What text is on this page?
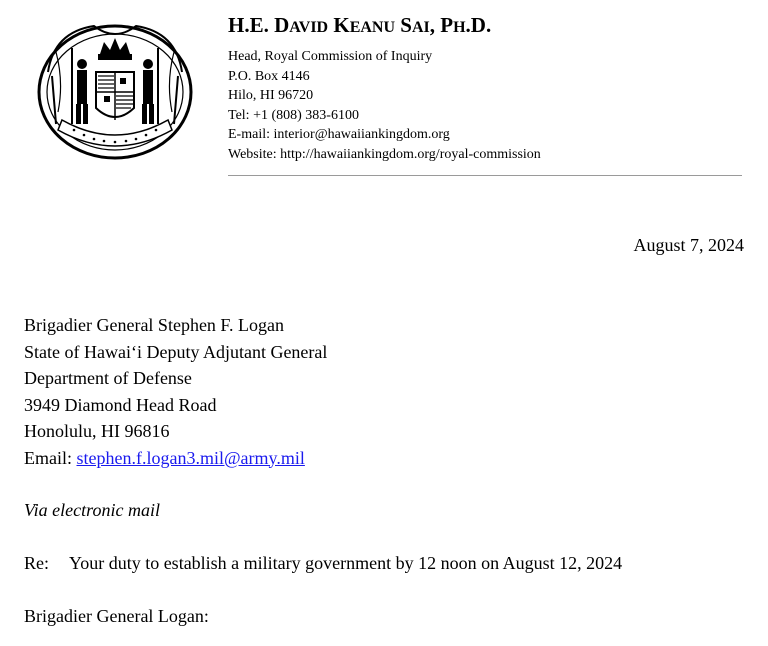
H.E. DAVID KEANU SAI, PH.D.
Head, Royal Commission of Inquiry
P.O. Box 4146
Hilo, HI 96720
Tel: +1 (808) 383-6100
E-mail: interior@hawaiiankingdom.org
Website: http://hawaiiankingdom.org/royal-commission
August 7, 2024
Brigadier General Stephen F. Logan
State of Hawaiʻi Deputy Adjutant General
Department of Defense
3949 Diamond Head Road
Honolulu, HI 96816
Email: stephen.f.logan3.mil@army.mil
Via electronic mail
Re: Your duty to establish a military government by 12 noon on August 12, 2024
Brigadier General Logan:
